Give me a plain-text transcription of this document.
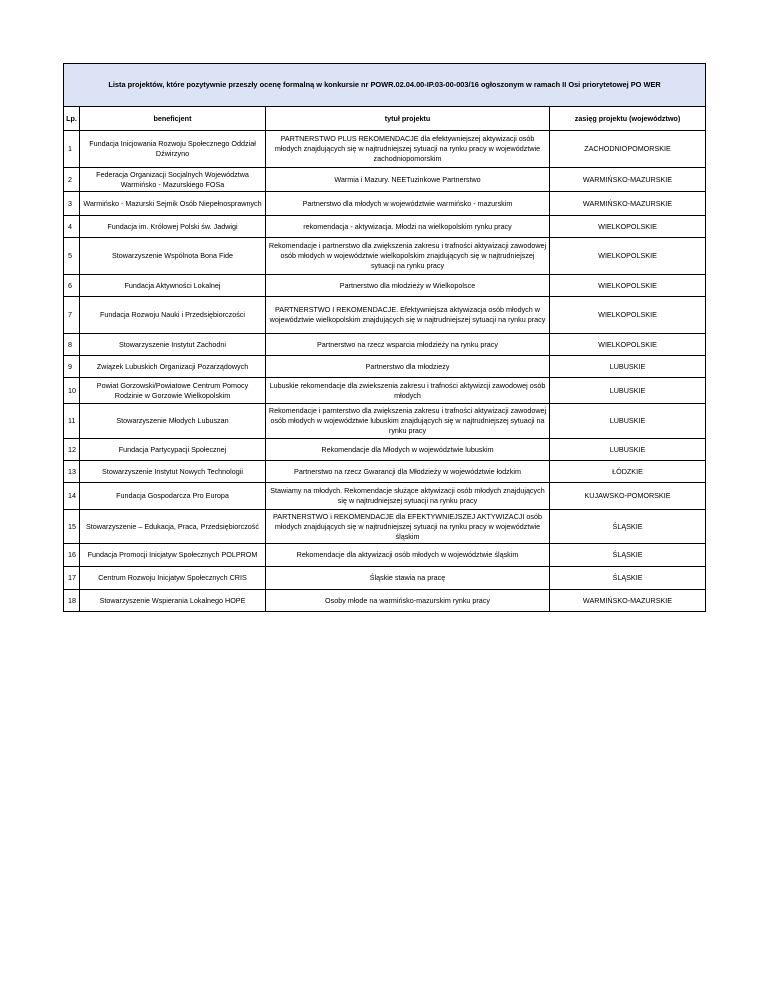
Lista projektów, które pozytywnie przeszły ocenę formalną w konkursie nr POWR.02.04.00-IP.03-00-003/16 ogłoszonym w ramach II Osi priorytetowej PO WER			
Lp.	beneficjent	tytuł projektu	zasięg projektu (województwo)
1	Fundacja Inicjowania Rozwoju Społecznego Oddział Dźwirzyno	PARTNERSTWO PLUS REKOMENDACJE dla efektywniejszej aktywizacji osób młodych znajdujących się w najtrudniejszej sytuacji na rynku pracy w województwie zachodniopomorskim	ZACHODNIOPOMORSKIE
2	Federacja Organizacji Socjalnych Województwa Warmińsko - Mazurskiego FOSa	Warmia i Mazury. NEETuzinkowe Partnerstwo	WARMIŃSKO-MAZURSKIE
3	Warmińsko - Mazurski Sejmik Osób Niepełnosprawnych	Partnerstwo dla młodych w województwie warmińsko - mazurskim	WARMIŃSKO-MAZURSKIE
4	Fundacja im. Królowej Polski św. Jadwigi	rekomendacja - aktywizacja. Młodzi na wielkopolskim rynku pracy	WIELKOPOLSKIE
5	Stowarzyszenie Wspólnota Bona Fide	Rekomendacje i partnerstwo dla zwiększenia zakresu i trafności aktywizacji zawodowej osób młodych w województwie wielkopolskim znajdujących się w najtrudniejszej sytuacji na rynku pracy	WIELKOPOLSKIE
6	Fundacja Aktywności Lokalnej	Partnerstwo dla młodzieży w Wielkopolsce	WIELKOPOLSKIE
7	Fundacja Rozwoju Nauki i Przedsiębiorczości	PARTNERSTWO I REKOMENDACJE. Efektywniejsza aktywizacja osób młodych w województwie wielkopolskim znajdujących się w najtrudniejszej sytuacji na rynku pracy	WIELKOPOLSKIE
8	Stowarzyszenie Instytut Zachodni	Partnerstwo na rzecz wsparcia młodzieży na rynku pracy	WIELKOPOLSKIE
9	Związek Lubuskich Organizacji Pozarządowych	Partnerstwo dla młodzieży	LUBUSKIE
10	Powiat Gorzowski/Powiatowe Centrum Pomocy Rodzinie w Gorzowie Wielkopolskim	Lubuskie rekomendacje dla zwiekszenia zakresu i trafności aktywizcji zawodowej osób młodych	LUBUSKIE
11	Stowarzyszenie Młodych Lubuszan	Rekomendacje i parnterstwo dla zwiększenia zakresu i trafności aktywizacji zawodowej osób młodych w województwie lubuskim znajdujących się w najtrudniejszej sytuacji na rynku pracy	LUBUSKIE
12	Fundacja Partycypacji Społecznej	Rekomendacje dla Młodych w województwie lubuskim	LUBUSKIE
13	Stowarzyszenie Instytut Nowych Technologii	Partnerstwo na rzecz Gwarancji dla Młodzieży w województwie łodzkim	ŁÓDZKIE
14	Fundacja Gospodarcza Pro Europa	Stawiamy na młodych. Rekomendacje służące aktywizacji osób młodych znajdujących się w najtrudniejszej sytuacji na rynku pracy	KUJAWSKO-POMORSKIE
15	Stowarzyszenie – Edukacja, Praca, Przedsiębiorczość	PARTNERSTWO i REKOMENDACJE dla EFEKTYWNIEJSZEJ AKTYWIZACJI osób młodych znajdujących się w najtrudniejszej sytuacji na rynku pracy w województwie śląskim	ŚLĄSKIE
16	Fundacja Promocji Inicjatyw Społecznych POLPROM	Rekomendacje dla aktywizacji osób młodych w województwie śląskim	ŚLĄSKIE
17	Centrum Rozwoju Inicjatyw Społecznych CRIS	Śląskie stawia na pracę	ŚLĄSKIE
18	Stowarzyszenie Wspierania Lokalnego HOPE	Osoby młode na warmińsko-mazurskim rynku pracy	WARMIŃSKO-MAZURSKIE
